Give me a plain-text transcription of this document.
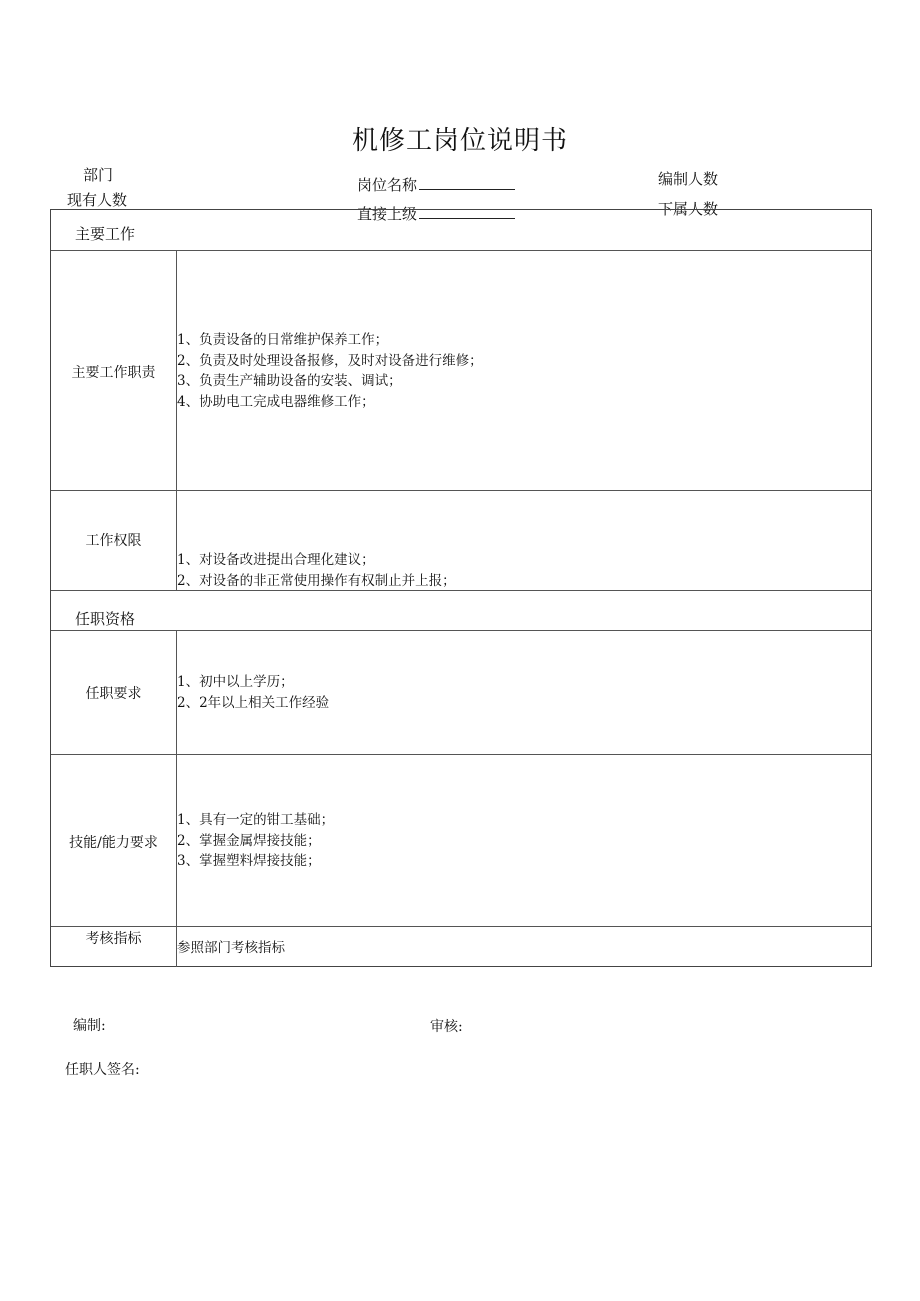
机修工岗位说明书
部门
现有人数
岗位名称
直接上级
编制人数
下属人数
主要工作
主要工作职责
1、负责设备的日常维护保养工作；
2、负责及时处理设备报修，及时对设备进行维修；
3、负责生产辅助设备的安装、调试；
4、协助电工完成电器维修工作；
工作权限
1、对设备改进提出合理化建议；
2、对设备的非正常使用操作有权制止并上报；
任职资格
任职要求
1、初中以上学历；
2、2年以上相关工作经验
技能/能力要求
1、具有一定的钳工基础；
2、掌握金属焊接技能；
3、掌握塑料焊接技能；
考核指标
参照部门考核指标
编制:	审核:
任职人签名:
